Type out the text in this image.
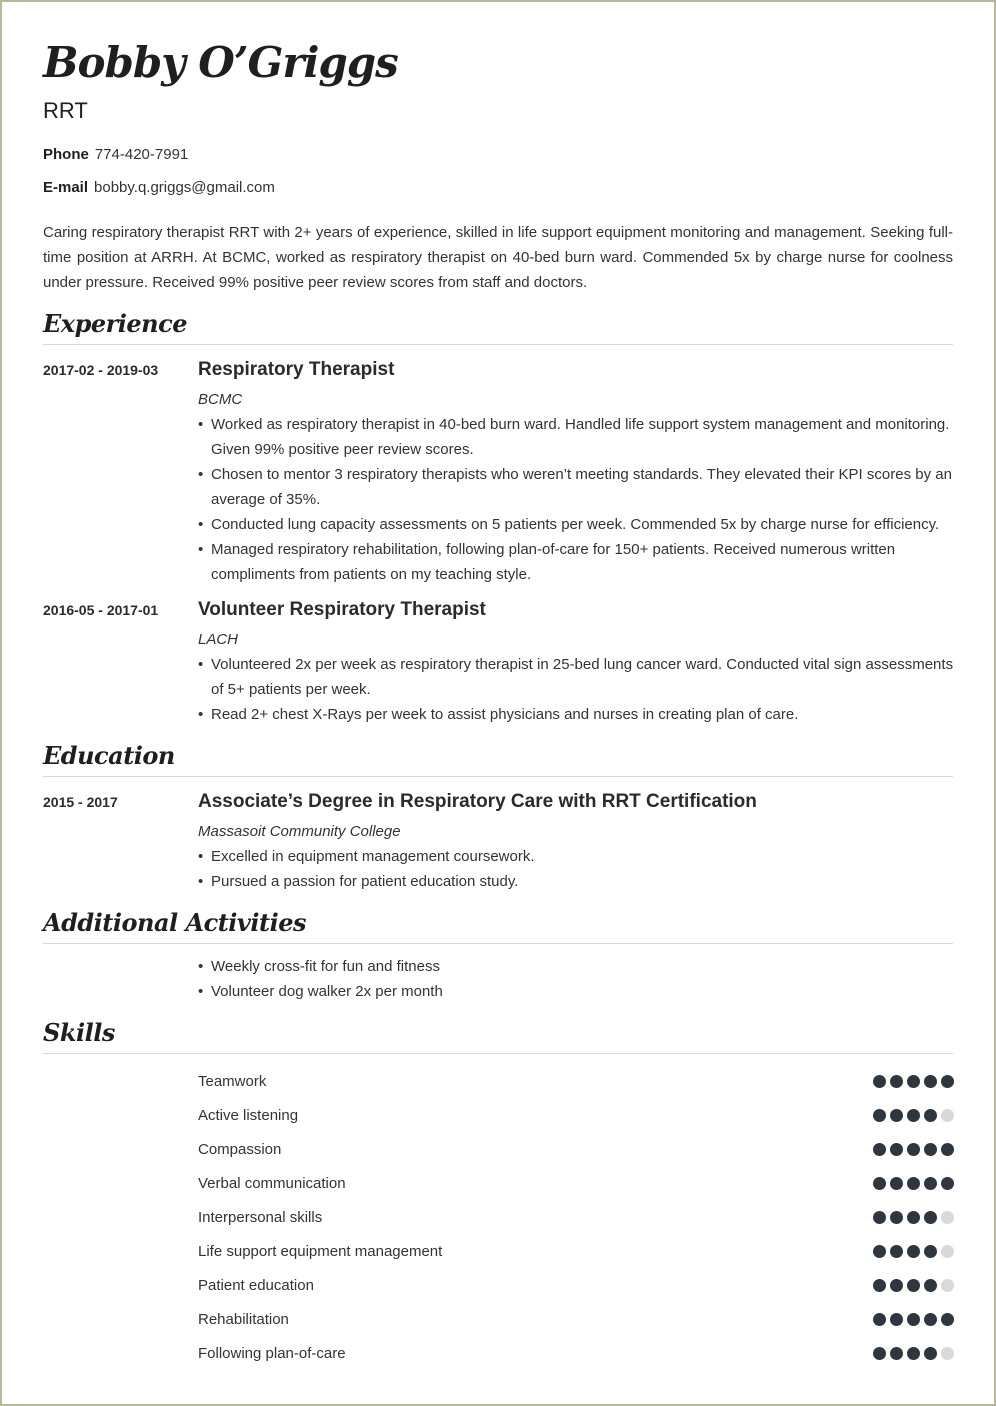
Bobby O’Griggs
RRT
Phone 774-420-7991
E-mail bobby.q.griggs@gmail.com
Caring respiratory therapist RRT with 2+ years of experience, skilled in life support equipment monitoring and management. Seeking full-time position at ARRH. At BCMC, worked as respiratory therapist on 40-bed burn ward. Commended 5x by charge nurse for coolness under pressure. Received 99% positive peer review scores from staff and doctors.
Experience
2017-02 - 2019-03 Respiratory Therapist
BCMC
• Worked as respiratory therapist in 40-bed burn ward. Handled life support system management and monitoring. Given 99% positive peer review scores.
• Chosen to mentor 3 respiratory therapists who weren’t meeting standards. They elevated their KPI scores by an average of 35%.
• Conducted lung capacity assessments on 5 patients per week. Commended 5x by charge nurse for efficiency.
• Managed respiratory rehabilitation, following plan-of-care for 150+ patients. Received numerous written compliments from patients on my teaching style.
2016-05 - 2017-01 Volunteer Respiratory Therapist
LACH
• Volunteered 2x per week as respiratory therapist in 25-bed lung cancer ward. Conducted vital sign assessments of 5+ patients per week.
• Read 2+ chest X-Rays per week to assist physicians and nurses in creating plan of care.
Education
2015 - 2017	Associate’s Degree in Respiratory Care with RRT Certification
Massasoit Community College
• Excelled in equipment management coursework.
• Pursued a passion for patient education study.
Additional Activities
• Weekly cross-fit for fun and fitness
• Volunteer dog walker 2x per month
Skills
Teamwork
Active listening
Compassion
Verbal communication
Interpersonal skills
Life support equipment management
Patient education
Rehabilitation
Following plan-of-care
